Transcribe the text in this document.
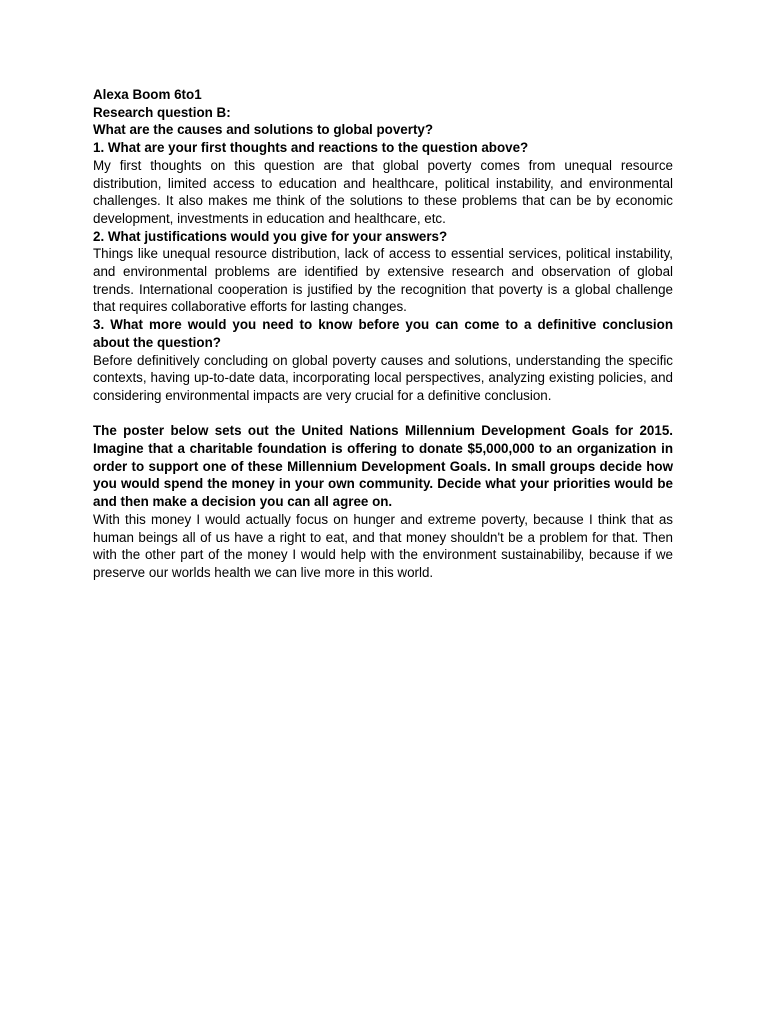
Alexa Boom 6to1

Research question B:

What are the causes and solutions to global poverty?

1. What are your first thoughts and reactions to the question above?

My first thoughts on this question are that global poverty comes from unequal resource distribution, limited access to education and healthcare, political instability, and environmental challenges. It also makes me think of the solutions to these problems that can be by economic development, investments in education and healthcare, etc.

2. What justifications would you give for your answers?

Things like unequal resource distribution, lack of access to essential services, political instability, and environmental problems are identified by extensive research and observation of global trends. International cooperation is justified by the recognition that poverty is a global challenge that requires collaborative efforts for lasting changes.

3. What more would you need to know before you can come to a definitive conclusion about the question?

Before definitively concluding on global poverty causes and solutions, understanding the specific contexts, having up-to-date data, incorporating local perspectives, analyzing existing policies, and considering environmental impacts are very crucial for a definitive conclusion.

The poster below sets out the United Nations Millennium Development Goals for 2015. Imagine that a charitable foundation is offering to donate $5,000,000 to an organization in order to support one of these Millennium Development Goals. In small groups decide how you would spend the money in your own community. Decide what your priorities would be and then make a decision you can all agree on.

With this money I would actually focus on hunger and extreme poverty, because I think that as human beings all of us have a right to eat, and that money shouldn't be a problem for that. Then with the other part of the money I would help with the environment sustainabiliby, because if we preserve our worlds health we can live more in this world.
